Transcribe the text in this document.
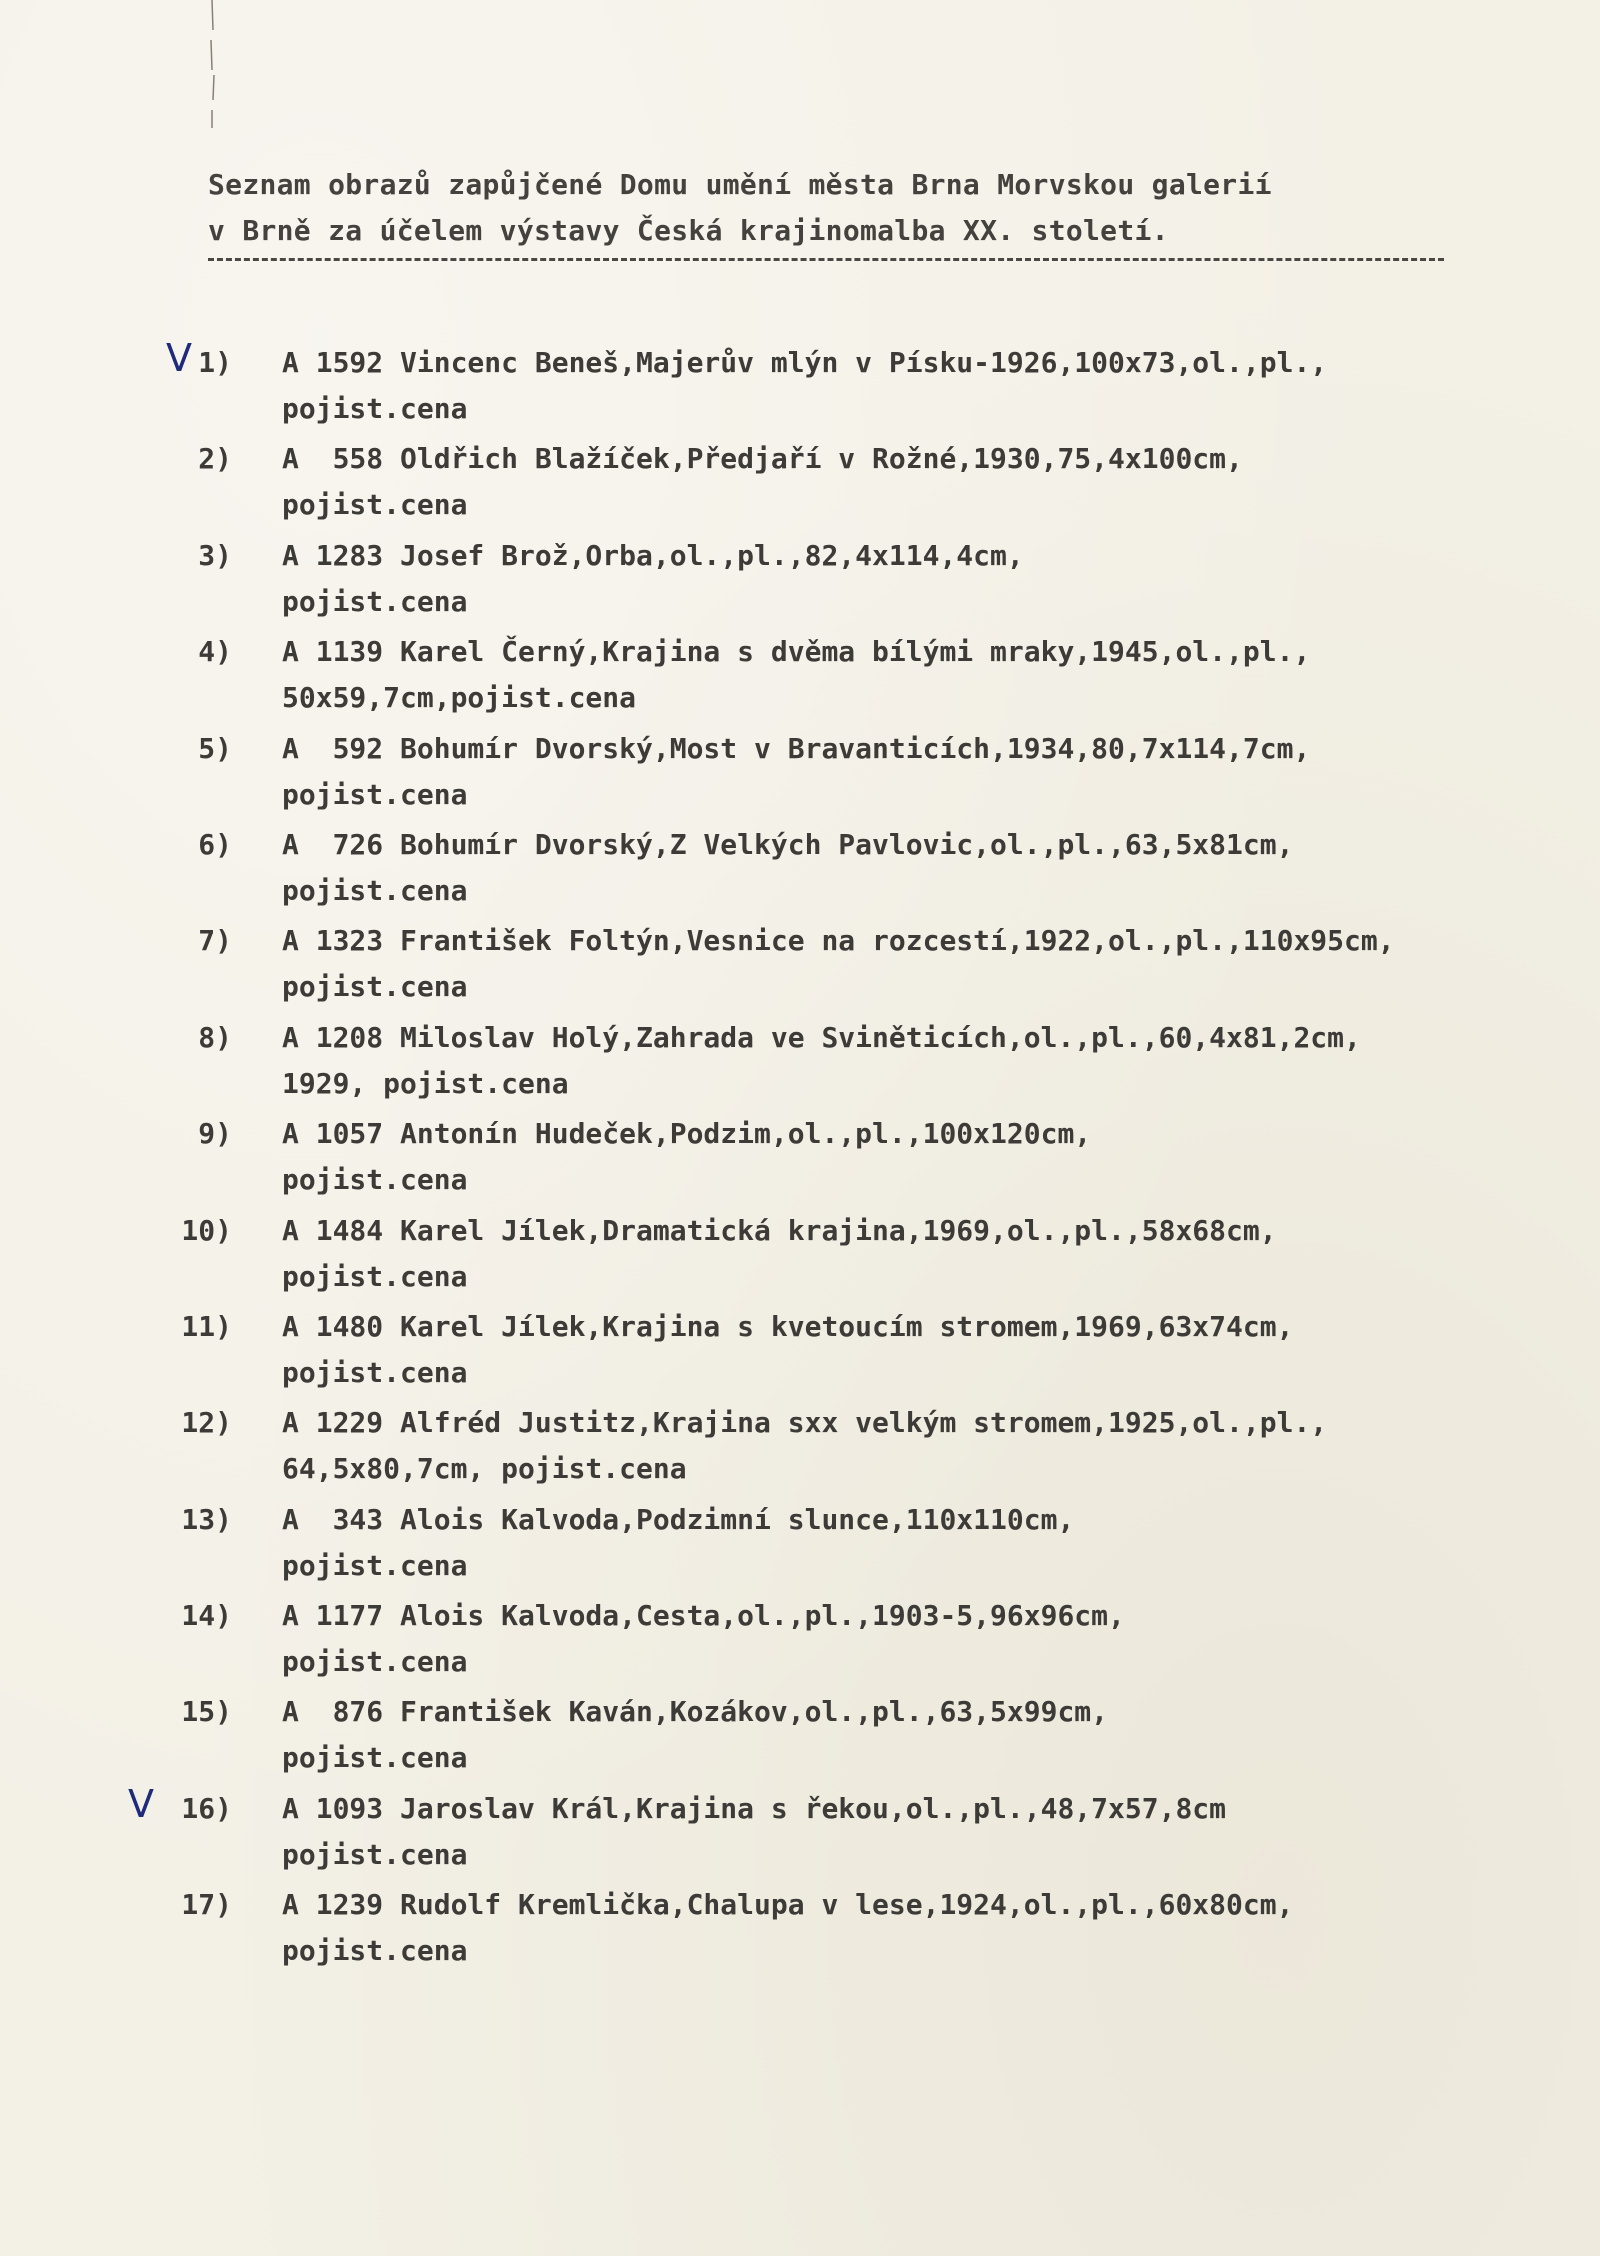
Seznam obrazů zapůjčené Domu umění města Brna Morvskou galerií
v Brně za účelem výstavy Česká krajinomalba XX. století.
V 1) A 1592 Vincenc Beneš,Majerův mlýn v Písku-1926,100x73,ol.,pl.,
pojist.cena
2) A  558 Oldřich Blažíček,Předjaří v Rožné,1930,75,4x100cm,
pojist.cena
3) A 1283 Josef Brož,Orba,ol.,pl.,82,4x114,4cm,
pojist.cena
4) A 1139 Karel Černý,Krajina s dvěma bílými mraky,1945,ol.,pl.,
50x59,7cm,pojist.cena
5) A  592 Bohumír Dvorský,Most v Bravanticích,1934,80,7x114,7cm,
pojist.cena
6) A  726 Bohumír Dvorský,Z Velkých Pavlovic,ol.,pl.,63,5x81cm,
pojist.cena
7) A 1323 František Foltýn,Vesnice na rozcestí,1922,ol.,pl.,110x95cm,
pojist.cena
8) A 1208 Miloslav Holý,Zahrada ve Sviněticích,ol.,pl.,60,4x81,2cm,
1929, pojist.cena
9) A 1057 Antonín Hudeček,Podzim,ol.,pl.,100x120cm,
pojist.cena
10) A 1484 Karel Jílek,Dramatická krajina,1969,ol.,pl.,58x68cm,
pojist.cena
11) A 1480 Karel Jílek,Krajina s kvetoucím stromem,1969,63x74cm,
pojist.cena
12) A 1229 Alfréd Justitz,Krajina sxx velkým stromem,1925,ol.,pl.,
64,5x80,7cm, pojist.cena
13) A  343 Alois Kalvoda,Podzimní slunce,110x110cm,
pojist.cena
14) A 1177 Alois Kalvoda,Cesta,ol.,pl.,1903-5,96x96cm,
pojist.cena
15) A  876 František Kaván,Kozákov,ol.,pl.,63,5x99cm,
pojist.cena
V 16) A 1093 Jaroslav Král,Krajina s řekou,ol.,pl.,48,7x57,8cm
pojist.cena
17) A 1239 Rudolf Kremlička,Chalupa v lese,1924,ol.,pl.,60x80cm,
pojist.cena
